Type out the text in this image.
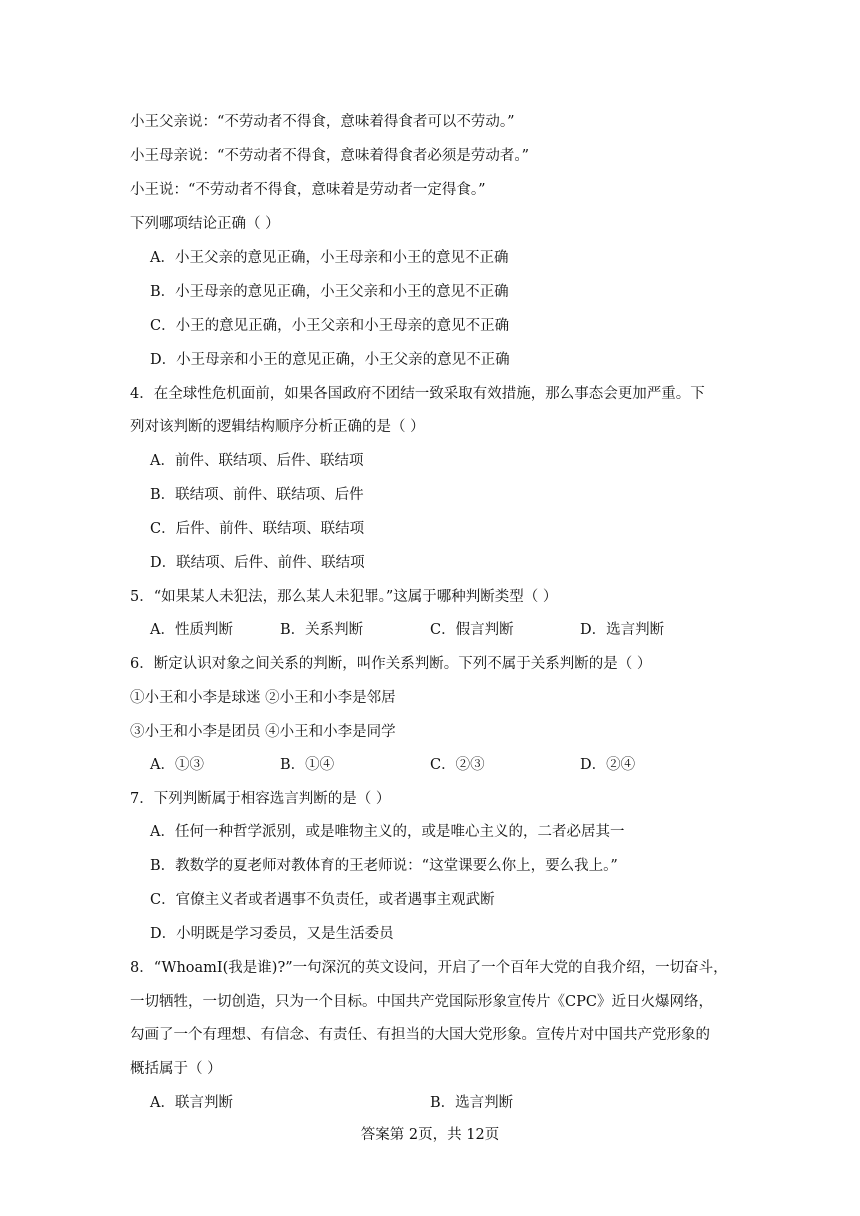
小王父亲说：“不劳动者不得食，意味着得食者可以不劳动。”
小王母亲说：“不劳动者不得食，意味着得食者必须是劳动者。”
小王说：“不劳动者不得食，意味着是劳动者一定得食。”
下列哪项结论正确（ ）
A．小王父亲的意见正确，小王母亲和小王的意见不正确
B．小王母亲的意见正确，小王父亲和小王的意见不正确
C．小王的意见正确，小王父亲和小王母亲的意见不正确
D．小王母亲和小王的意见正确，小王父亲的意见不正确
4．在全球性危机面前，如果各国政府不团结一致采取有效措施，那么事态会更加严重。下
列对该判断的逻辑结构顺序分析正确的是（ ）
A．前件、联结项、后件、联结项
B．联结项、前件、联结项、后件
C．后件、前件、联结项、联结项
D．联结项、后件、前件、联结项
5．“如果某人未犯法，那么某人未犯罪。”这属于哪种判断类型（ ）
A．性质判断	B．关系判断	C．假言判断	D．选言判断
6．断定认识对象之间关系的判断，叫作关系判断。下列不属于关系判断的是（ ）
①小王和小李是球迷 ②小王和小李是邻居
③小王和小李是团员 ④小王和小李是同学
A．①③	B．①④	C．②③	D．②④
7．下列判断属于相容选言判断的是（ ）
A．任何一种哲学派别，或是唯物主义的，或是唯心主义的，二者必居其一
B．教数学的夏老师对教体育的王老师说：“这堂课要么你上，要么我上。”
C．官僚主义者或者遇事不负责任，或者遇事主观武断
D．小明既是学习委员，又是生活委员
8．“WhoamI(我是谁)?”一句深沉的英文设问，开启了一个百年大党的自我介绍，一切奋斗，
一切牺牲，一切创造，只为一个目标。中国共产党国际形象宣传片《CPC》近日火爆网络，
勾画了一个有理想、有信念、有责任、有担当的大国大党形象。宣传片对中国共产党形象的
概括属于（ ）
A．联言判断	B．选言判断
答案第 2页，共 12页
